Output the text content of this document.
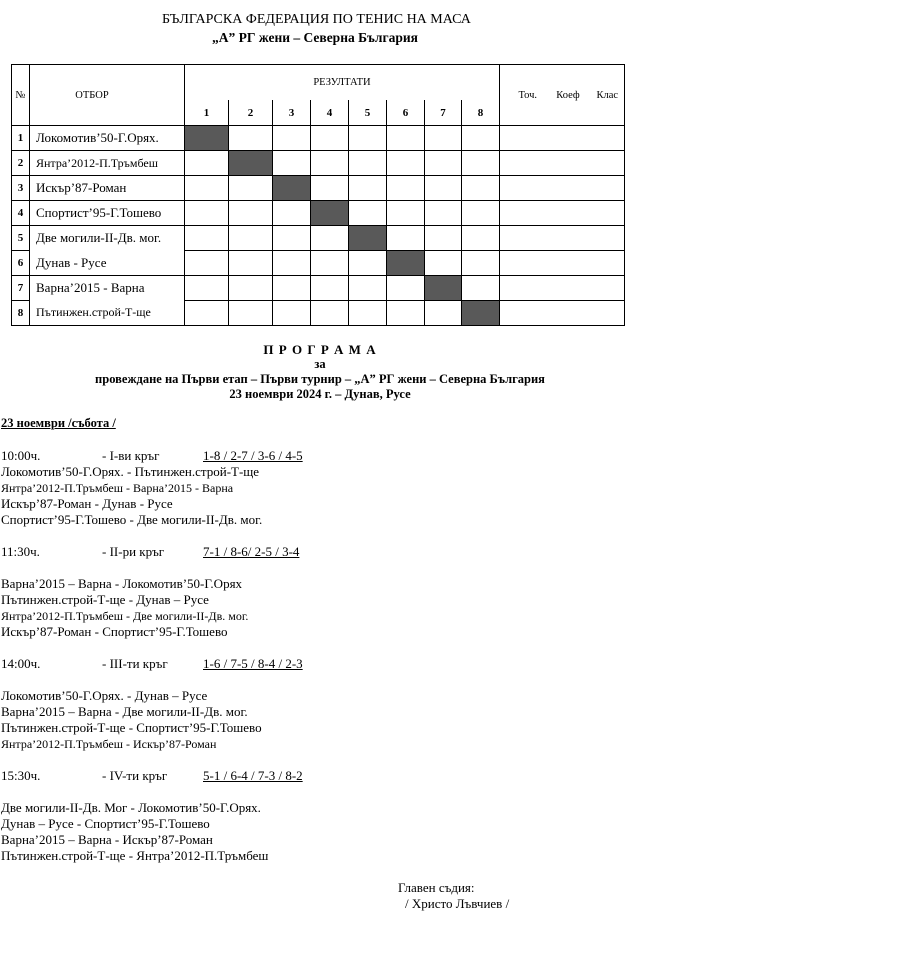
БЪЛГАРСКА ФЕДЕРАЦИЯ ПО ТЕНИС НА МАСА
„А” РГ жени – Северна България
№	ОТБОР	РЕЗУЛТАТИ								Точ.	Коеф	Клас
		1	2	3	4	5	6	7	8			
1	Локомотив’50-Г.Орях.											
2	Янтра’2012-П.Тръмбеш											
3	Искър’87-Роман											
4	Спортист’95-Г.Тошево											
5	Две могили-II-Дв. мог.											
6	Дунав - Русе											
7	Варна’2015 - Варна											
8	Пътинжен.строй-Т-ще											
П Р О Г Р А М А
за
провеждане на Първи етап – Първи турнир – „А” РГ жени – Северна България
23 ноември 2024 г. – Дунав, Русе
23 ноември /събота /
10:00ч.	- I-ви кръг	1-8 / 2-7 / 3-6 / 4-5
Локомотив’50-Г.Орях. - Пътинжен.строй-Т-ще
Янтра’2012-П.Тръмбеш - Варна’2015 - Варна
Искър’87-Роман - Дунав - Русе
Спортист’95-Г.Тошево - Две могили-II-Дв. мог.
11:30ч.	- II-ри кръг	7-1 / 8-6/ 2-5 / 3-4
Варна’2015 – Варна - Локомотив’50-Г.Орях
Пътинжен.строй-Т-ще - Дунав – Русе
Янтра’2012-П.Тръмбеш - Две могили-II-Дв. мог.
Искър’87-Роман - Спортист’95-Г.Тошево
14:00ч.	- III-ти кръг	1-6 / 7-5 / 8-4 / 2-3
Локомотив’50-Г.Орях. - Дунав – Русе
Варна’2015 – Варна - Две могили-II-Дв. мог.
Пътинжен.строй-Т-ще - Спортист’95-Г.Тошево
Янтра’2012-П.Тръмбеш - Искър’87-Роман
15:30ч.	- IV-ти кръг	5-1 / 6-4 / 7-3 / 8-2
Две могили-II-Дв. Мог - Локомотив’50-Г.Орях.
Дунав – Русе - Спортист’95-Г.Тошево
Варна’2015 – Варна - Искър’87-Роман
Пътинжен.строй-Т-ще - Янтра’2012-П.Тръмбеш
Главен съдия:
/ Христо Лъвчиев /
